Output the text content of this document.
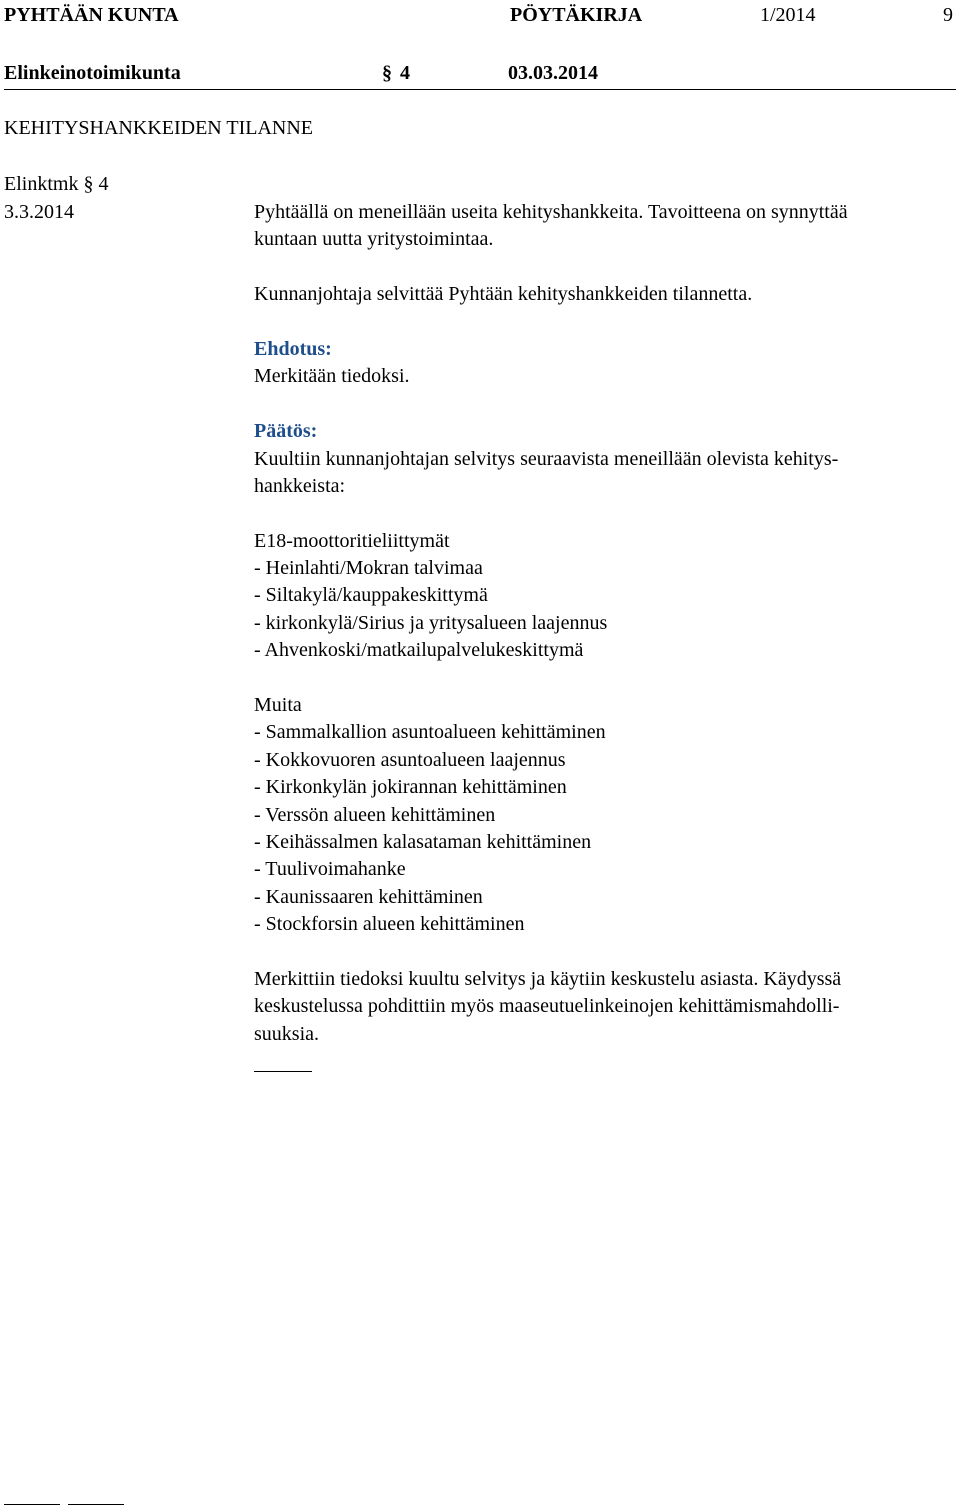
PYHTÄÄN KUNTA	PÖYTÄKIRJA	1/2014	9
Elinkeinotoimikunta	§ 4	03.03.2014
KEHITYSHANKKEIDEN TILANNE
Elinktmk § 4
3.3.2014	Pyhtäällä on meneillään useita kehityshankkeita. Tavoitteena on synnyttää
kuntaan uutta yritystoimintaa.
Kunnanjohtaja selvittää Pyhtään kehityshankkeiden tilannetta.
Ehdotus:
Merkitään tiedoksi.
Päätös:
Kuultiin kunnanjohtajan selvitys seuraavista meneillään olevista kehitys-
hankkeista:
E18-moottoritieliittymät
- Heinlahti/Mokran talvimaa
- Siltakylä/kauppakeskittymä
- kirkonkylä/Sirius ja yritysalueen laajennus
- Ahvenkoski/matkailupalvelukeskittymä
Muita
- Sammalkallion asuntoalueen kehittäminen
- Kokkovuoren asuntoalueen laajennus
- Kirkonkylän jokirannan kehittäminen
- Verssön alueen kehittäminen
- Keihässalmen kalasataman kehittäminen
- Tuulivoimahanke
- Kaunissaaren kehittäminen
- Stockforsin alueen kehittäminen
Merkittiin tiedoksi kuultu selvitys ja käytiin keskustelu asiasta. Käydyssä
keskustelussa pohdittiin myös maaseutuelinkeinojen kehittämismahdolli-
suuksia.
